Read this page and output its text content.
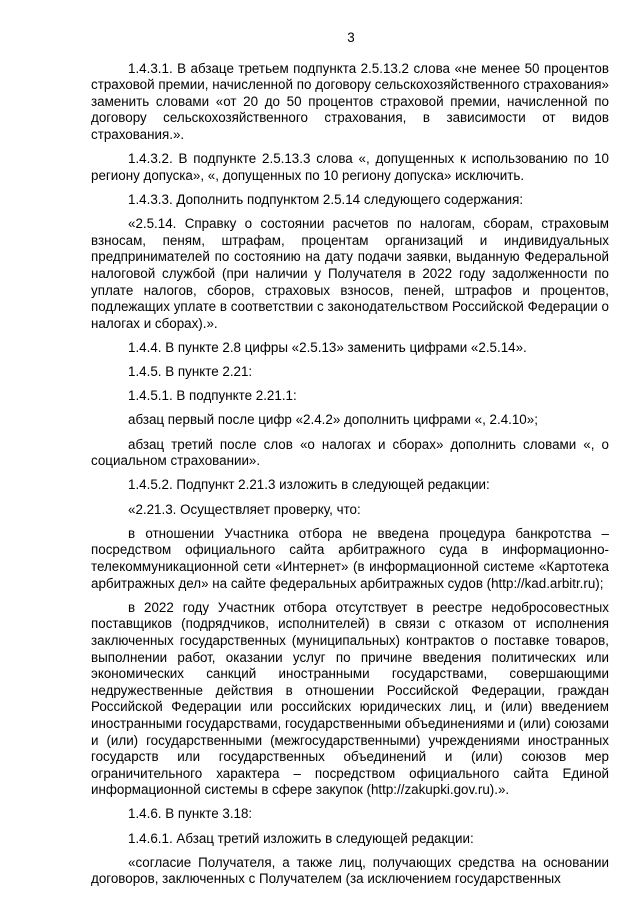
3

1.4.3.1. В абзаце третьем подпункта 2.5.13.2 слова «не менее 50 процентов страховой премии, начисленной по договору сельскохозяйственного страхования» заменить словами «от 20 до 50 процентов страховой премии, начисленной по договору сельскохозяйственного страхования, в зависимости от видов страхования.».

1.4.3.2. В подпункте 2.5.13.3 слова «, допущенных к использованию по 10 региону допуска», «, допущенных по 10 региону допуска» исключить.

1.4.3.3. Дополнить подпунктом 2.5.14 следующего содержания:

«2.5.14. Справку о состоянии расчетов по налогам, сборам, страховым взносам, пеням, штрафам, процентам организаций и индивидуальных предпринимателей по состоянию на дату подачи заявки, выданную Федеральной налоговой службой (при наличии у Получателя в 2022 году задолженности по уплате налогов, сборов, страховых взносов, пеней, штрафов и процентов, подлежащих уплате в соответствии с законодательством Российской Федерации о налогах и сборах).».

1.4.4. В пункте 2.8 цифры «2.5.13» заменить цифрами «2.5.14».

1.4.5. В пункте 2.21:

1.4.5.1. В подпункте 2.21.1:

абзац первый после цифр «2.4.2» дополнить цифрами «, 2.4.10»;

абзац третий после слов «о налогах и сборах» дополнить словами «, о социальном страховании».

1.4.5.2. Подпункт 2.21.3 изложить в следующей редакции:

«2.21.3. Осуществляет проверку, что:

в отношении Участника отбора не введена процедура банкротства – посредством официального сайта арбитражного суда в информационно-телекоммуникационной сети «Интернет» (в информационной системе «Картотека арбитражных дел» на сайте федеральных арбитражных судов (http://kad.arbitr.ru);

в 2022 году Участник отбора отсутствует в реестре недобросовестных поставщиков (подрядчиков, исполнителей) в связи с отказом от исполнения заключенных государственных (муниципальных) контрактов о поставке товаров, выполнении работ, оказании услуг по причине введения политических или экономических санкций иностранными государствами, совершающими недружественные действия в отношении Российской Федерации, граждан Российской Федерации или российских юридических лиц, и (или) введением иностранными государствами, государственными объединениями и (или) союзами и (или) государственными (межгосударственными) учреждениями иностранных государств или государственных объединений и (или) союзов мер ограничительного характера – посредством официального сайта Единой информационной системы в сфере закупок (http://zakupki.gov.ru).».

1.4.6. В пункте 3.18:

1.4.6.1. Абзац третий изложить в следующей редакции:

«согласие Получателя, а также лиц, получающих средства на основании договоров, заключенных с Получателем (за исключением государственных
